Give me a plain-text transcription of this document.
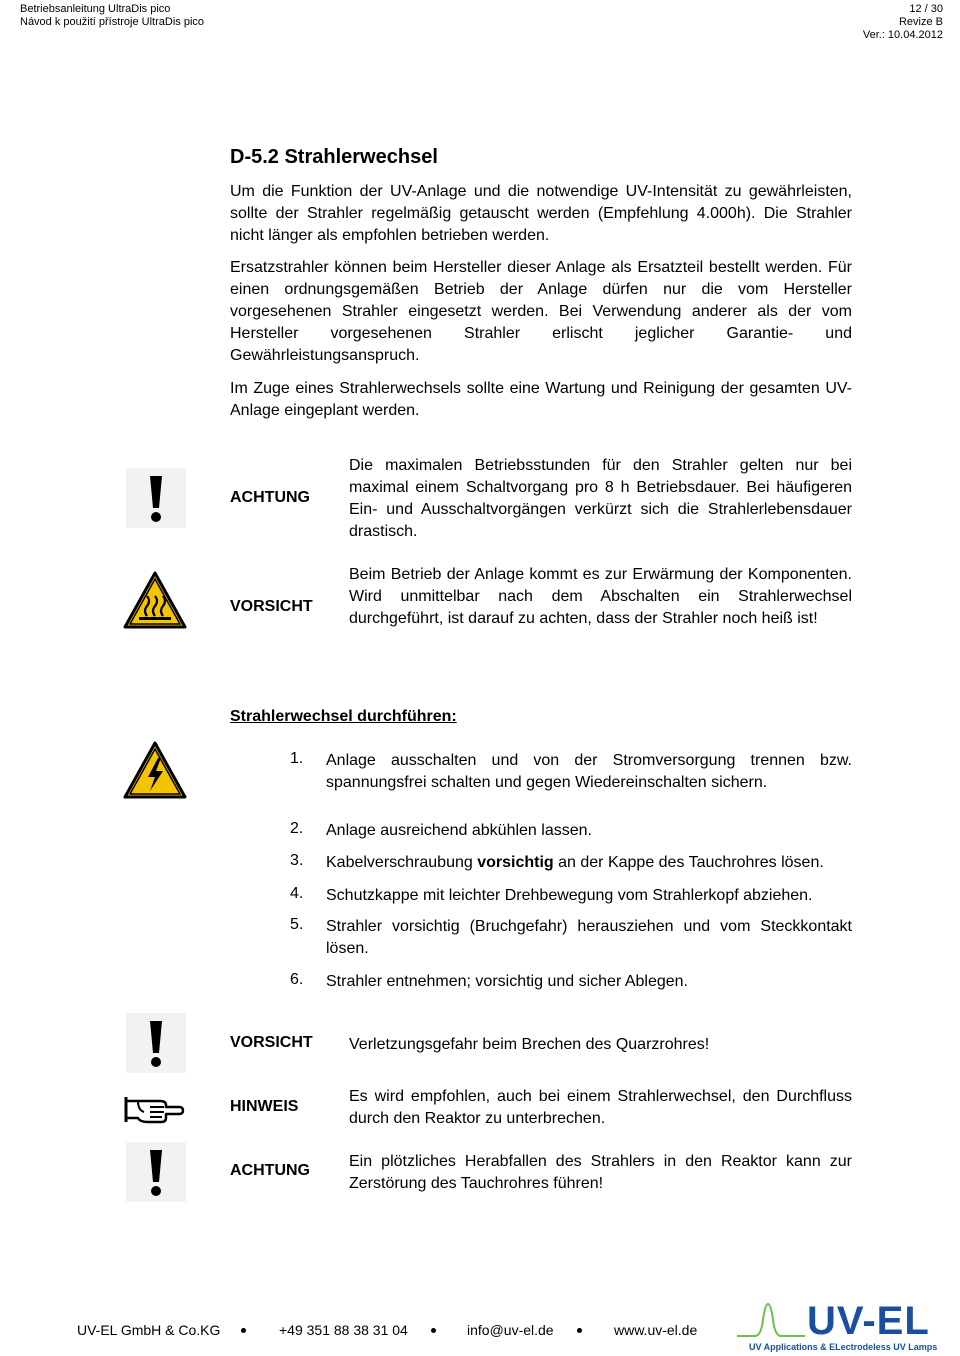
Betriebsanleitung UltraDis pico
Návod k použití přístroje UltraDis pico
12 / 30
Revize B
Ver.: 10.04.2012
D-5.2 Strahlerwechsel
Um die Funktion der UV-Anlage und die notwendige UV-Intensität zu gewährleisten, sollte der Strahler regelmäßig getauscht werden (Empfehlung 4.000h). Die Strahler nicht länger als empfohlen betrieben werden.
Ersatzstrahler können beim Hersteller dieser Anlage als Ersatzteil bestellt werden. Für einen ordnungsgemäßen Betrieb der Anlage dürfen nur die vom Hersteller vorgesehenen Strahler eingesetzt werden. Bei Verwendung anderer als der vom Hersteller vorgesehenen Strahler erlischt jeglicher Garantie- und Gewährleistungsanspruch.
Im Zuge eines Strahlerwechsels sollte eine Wartung und Reinigung der gesamten UV-Anlage eingeplant werden.
ACHTUNG
Die maximalen Betriebsstunden für den Strahler gelten nur bei maximal einem Schaltvorgang pro 8 h Betriebsdauer. Bei häufigeren Ein- und Ausschaltvorgängen verkürzt sich die Strahlerlebensdauer drastisch.
VORSICHT
Beim Betrieb der Anlage kommt es zur Erwärmung der Komponenten. Wird unmittelbar nach dem Abschalten ein Strahlerwechsel durchgeführt, ist darauf zu achten, dass der Strahler noch heiß ist!
Strahlerwechsel durchführen:
1. Anlage ausschalten und von der Stromversorgung trennen bzw. spannungsfrei schalten und gegen Wiedereinschalten sichern.
2. Anlage ausreichend abkühlen lassen.
3. Kabelverschraubung vorsichtig an der Kappe des Tauchrohres lösen.
4. Schutzkappe mit leichter Drehbewegung vom Strahlerkopf abziehen.
5. Strahler vorsichtig (Bruchgefahr) herausziehen und vom Steckkontakt lösen.
6. Strahler entnehmen; vorsichtig und sicher Ablegen.
VORSICHT Verletzungsgefahr beim Brechen des Quarzrohres!
HINWEIS
Es wird empfohlen, auch bei einem Strahlerwechsel, den Durchfluss durch den Reaktor zu unterbrechen.
ACHTUNG
Ein plötzliches Herabfallen des Strahlers in den Reaktor kann zur Zerstörung des Tauchrohres führen!
UV-EL GmbH & Co.KG	+49 351 88 38 31 04	info@uv-el.de	www.uv-el.de	UV-EL
UV Applications & ELectrodeless UV Lamps
